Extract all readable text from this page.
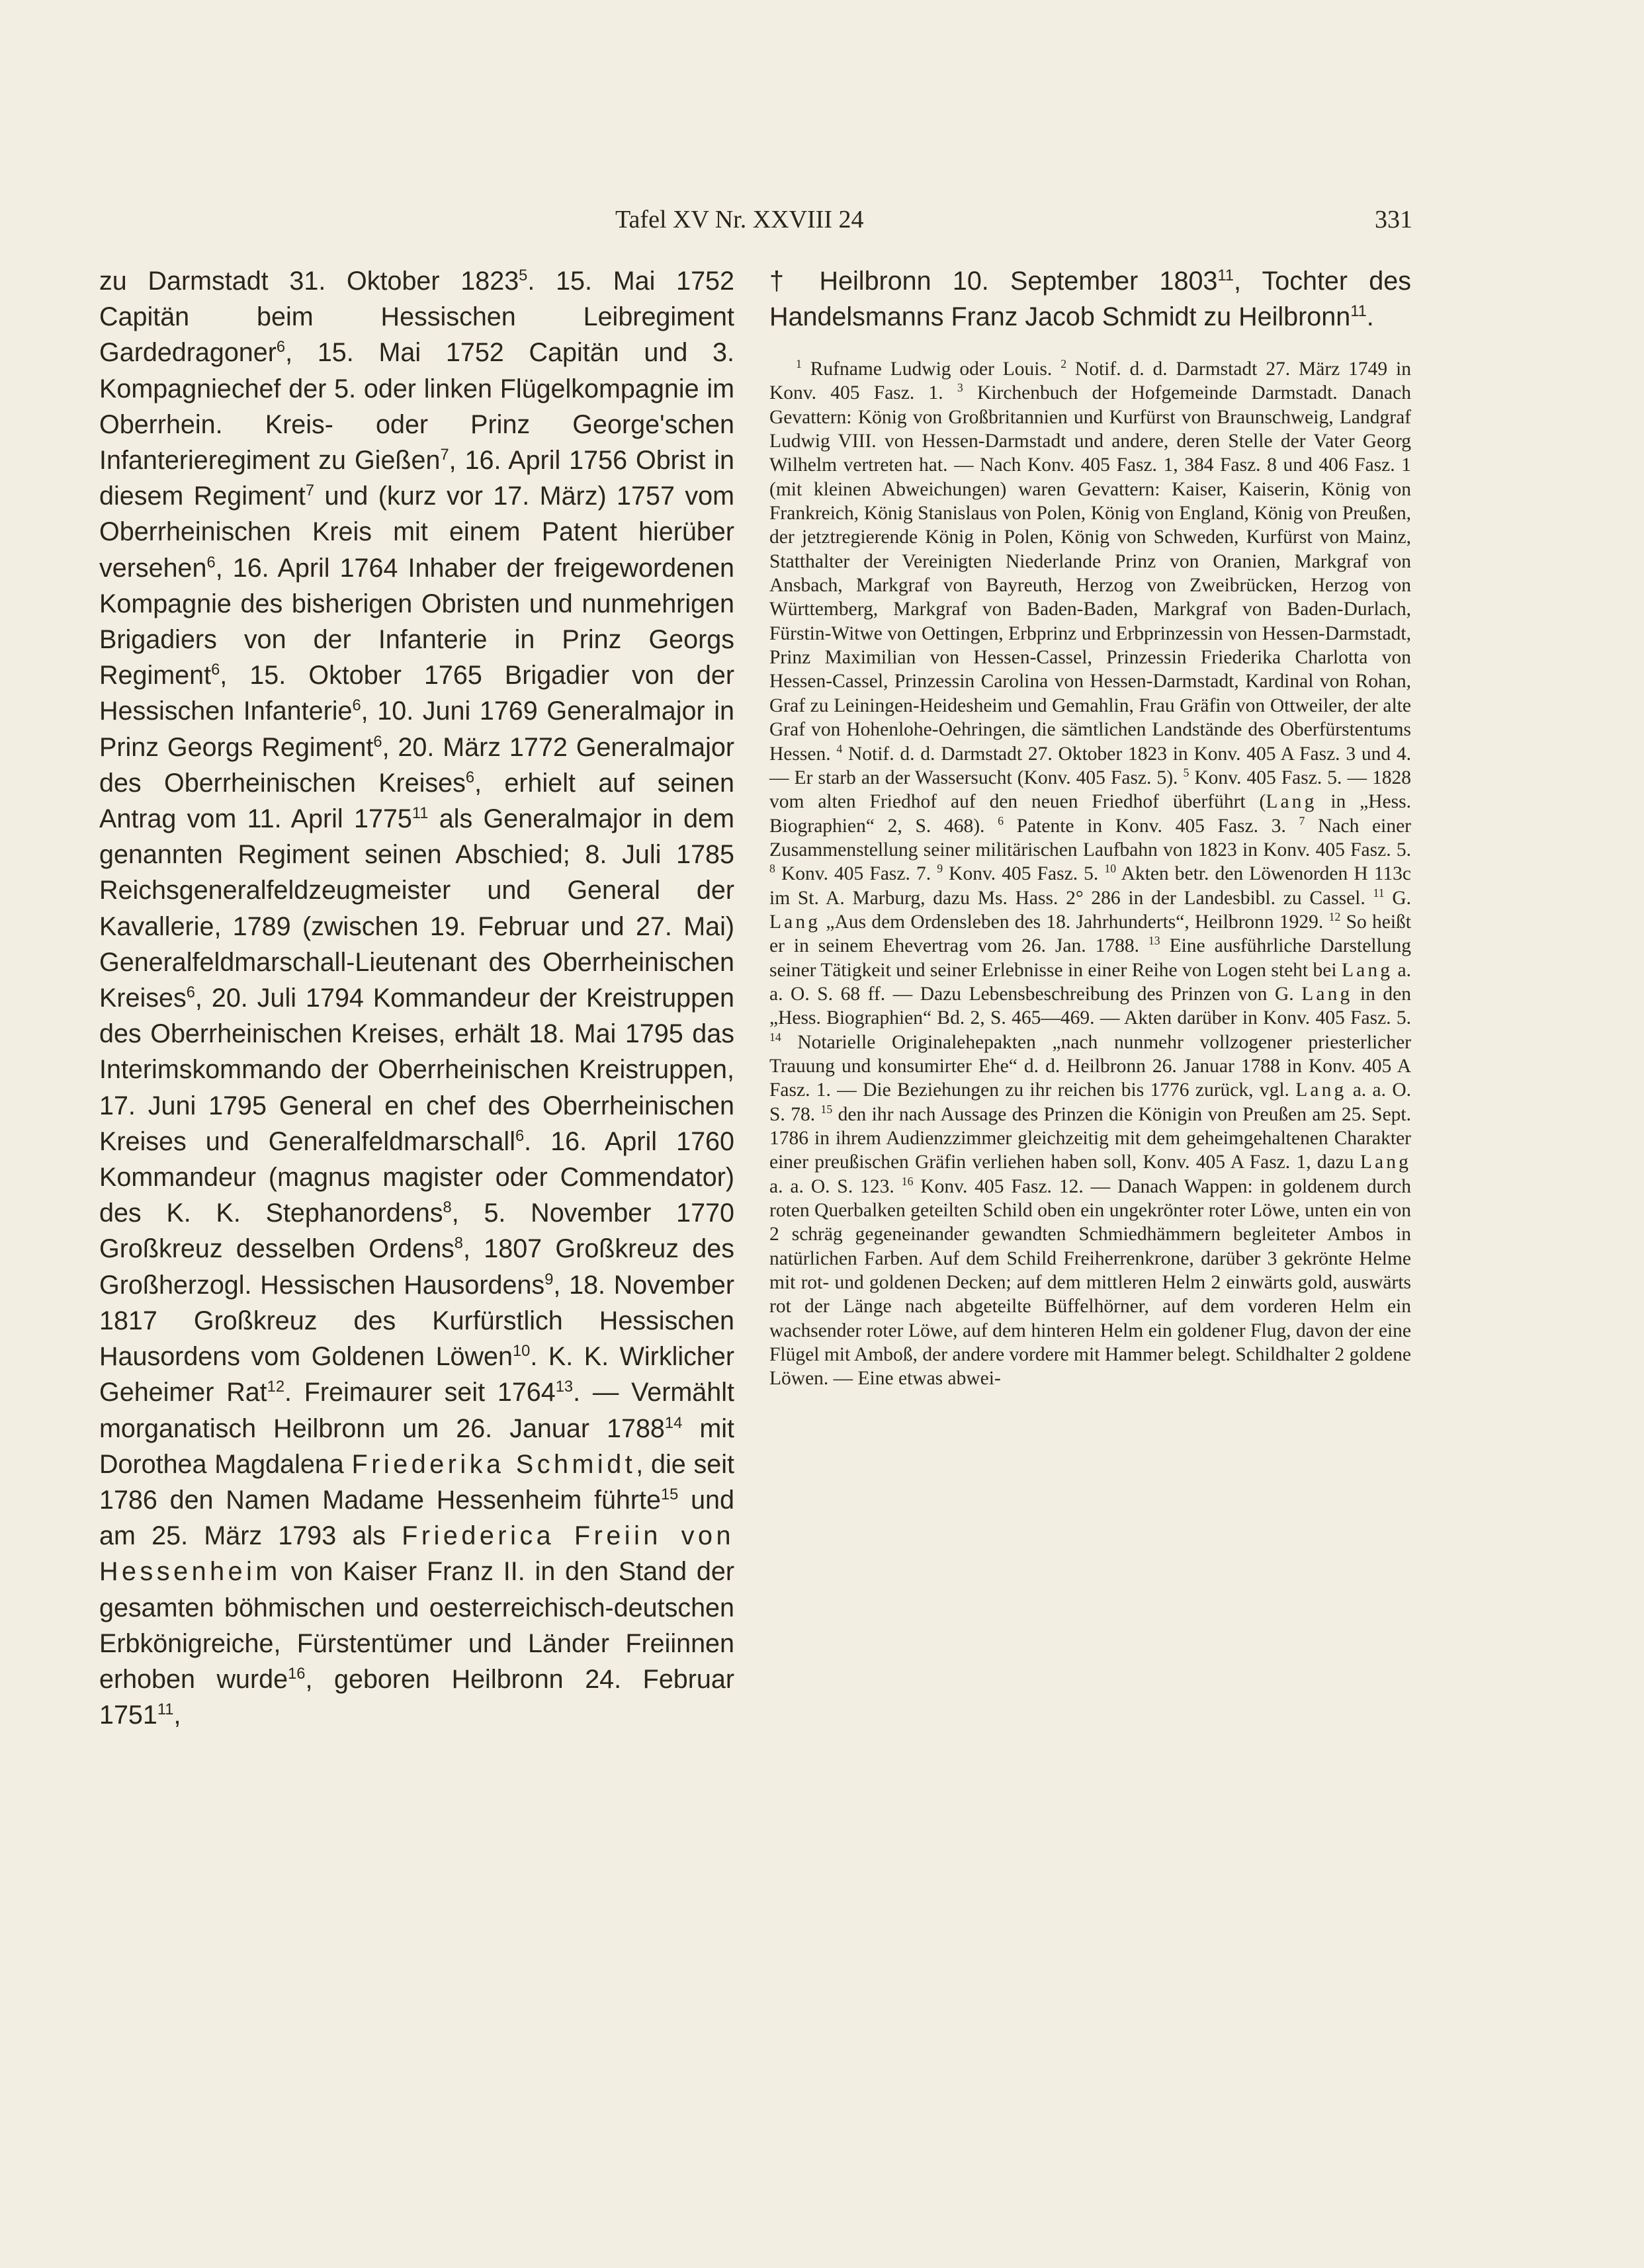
Tafel XV Nr. XXVIII 24	331

zu Darmstadt 31. Oktober 1823$^5$. 15. Mai 1752 Capitän beim Hessischen Leibregiment Gardedragoner$^6$, 15. Mai 1752 Capitän und 3. Kompagniechef der 5. oder linken Flügelkompagnie im Oberrhein. Kreis- oder Prinz George'schen Infanterieregiment zu Gießen$^7$, 16. April 1756 Obrist in diesem Regiment$^7$ und (kurz vor 17. März) 1757 vom Oberrheinischen Kreis mit einem Patent hierüber versehen$^6$, 16. April 1764 Inhaber der freigewordenen Kompagnie des bisherigen Obristen und nunmehrigen Brigadiers von der Infanterie in Prinz Georgs Regiment$^6$, 15. Oktober 1765 Brigadier von der Hessischen Infanterie$^6$, 10. Juni 1769 Generalmajor in Prinz Georgs Regiment$^6$, 20. März 1772 Generalmajor des Oberrheinischen Kreises$^6$, erhielt auf seinen Antrag vom 11. April 1775$^{11}$ als Generalmajor in dem genannten Regiment seinen Abschied; 8. Juli 1785 Reichsgeneralfeldzeugmeister und General der Kavallerie, 1789 (zwischen 19. Februar und 27. Mai) Generalfeldmarschall-Lieutenant des Oberrheinischen Kreises$^6$, 20. Juli 1794 Kommandeur der Kreistruppen des Oberrheinischen Kreises, erhält 18. Mai 1795 das Interimskommando der Oberrheinischen Kreistruppen, 17. Juni 1795 General en chef des Oberrheinischen Kreises und Generalfeldmarschall$^6$. 16. April 1760 Kommandeur (magnus magister oder Commendator) des K. K. Stephanordens$^8$, 5. November 1770 Großkreuz desselben Ordens$^8$, 1807 Großkreuz des Großherzogl. Hessischen Hausordens$^9$, 18. November 1817 Großkreuz des Kurfürstlich Hessischen Hausordens vom Goldenen Löwen$^{10}$. K. K. Wirklicher Geheimer Rat$^{12}$. Freimaurer seit 1764$^{13}$. — Vermählt morganatisch Heilbronn um 26. Januar 1788$^{14}$ mit Dorothea Magdalena Friederika Schmidt, die seit 1786 den Namen Madame Hessenheim führte$^{15}$ und am 25. März 1793 als Friederica Freiin von Hessenheim von Kaiser Franz II. in den Stand der gesamten böhmischen und oesterreichisch-deutschen Erbkönigreiche, Fürstentümer und Länder Freiinnen erhoben wurde$^{16}$, geboren Heilbronn 24. Februar 1751$^{11}$,

† Heilbronn 10. September 1803$^{11}$, Tochter des Handelsmanns Franz Jacob Schmidt zu Heilbronn$^{11}$.

$^1$ Rufname Ludwig oder Louis. $^2$ Notif. d. d. Darmstadt 27. März 1749 in Konv. 405 Fasz. 1. $^3$ Kirchenbuch der Hofgemeinde Darmstadt. Danach Gevattern: König von Großbritannien und Kurfürst von Braunschweig, Landgraf Ludwig VIII. von Hessen-Darmstadt und andere, deren Stelle der Vater Georg Wilhelm vertreten hat. — Nach Konv. 405 Fasz. 1, 384 Fasz. 8 und 406 Fasz. 1 (mit kleinen Abweichungen) waren Gevattern: Kaiser, Kaiserin, König von Frankreich, König Stanislaus von Polen, König von England, König von Preußen, der jetztregierende König in Polen, König von Schweden, Kurfürst von Mainz, Statthalter der Vereinigten Niederlande Prinz von Oranien, Markgraf von Ansbach, Markgraf von Bayreuth, Herzog von Zweibrücken, Herzog von Württemberg, Markgraf von Baden-Baden, Markgraf von Baden-Durlach, Fürstin-Witwe von Oettingen, Erbprinz und Erbprinzessin von Hessen-Darmstadt, Prinz Maximilian von Hessen-Cassel, Prinzessin Friederika Charlotta von Hessen-Cassel, Prinzessin Carolina von Hessen-Darmstadt, Kardinal von Rohan, Graf zu Leiningen-Heidesheim und Gemahlin, Frau Gräfin von Ottweiler, der alte Graf von Hohenlohe-Oehringen, die sämtlichen Landstände des Oberfürstentums Hessen. $^4$ Notif. d. d. Darmstadt 27. Oktober 1823 in Konv. 405 A Fasz. 3 und 4. — Er starb an der Wassersucht (Konv. 405 Fasz. 5). $^5$ Konv. 405 Fasz. 5. — 1828 vom alten Friedhof auf den neuen Friedhof überführt (Lang in „Hess. Biographien“ 2, S. 468). $^6$ Patente in Konv. 405 Fasz. 3. $^7$ Nach einer Zusammenstellung seiner militärischen Laufbahn von 1823 in Konv. 405 Fasz. 5. $^8$ Konv. 405 Fasz. 7. $^9$ Konv. 405 Fasz. 5. $^{10}$ Akten betr. den Löwenorden H 113c im St. A. Marburg, dazu Ms. Hass. 2° 286 in der Landesbibl. zu Cassel. $^{11}$ G. Lang „Aus dem Ordensleben des 18. Jahrhunderts“, Heilbronn 1929. $^{12}$ So heißt er in seinem Ehevertrag vom 26. Jan. 1788. $^{13}$ Eine ausführliche Darstellung seiner Tätigkeit und seiner Erlebnisse in einer Reihe von Logen steht bei Lang a. a. O. S. 68 ff. — Dazu Lebensbeschreibung des Prinzen von G. Lang in den „Hess. Biographien“ Bd. 2, S. 465—469. — Akten darüber in Konv. 405 Fasz. 5. $^{14}$ Notarielle Originalehepakten „nach nunmehr vollzogener priesterlicher Trauung und konsumirter Ehe“ d. d. Heilbronn 26. Januar 1788 in Konv. 405 A Fasz. 1. — Die Beziehungen zu ihr reichen bis 1776 zurück, vgl. Lang a. a. O. S. 78. $^{15}$ den ihr nach Aussage des Prinzen die Königin von Preußen am 25. Sept. 1786 in ihrem Audienzzimmer gleichzeitig mit dem geheimgehaltenen Charakter einer preußischen Gräfin verliehen haben soll, Konv. 405 A Fasz. 1, dazu Lang a. a. O. S. 123. $^{16}$ Konv. 405 Fasz. 12. — Danach Wappen: in goldenem durch roten Querbalken geteilten Schild oben ein ungekrönter roter Löwe, unten ein von 2 schräg gegeneinander gewandten Schmiedhämmern begleiteter Ambos in natürlichen Farben. Auf dem Schild Freiherrenkrone, darüber 3 gekrönte Helme mit rot- und goldenen Decken; auf dem mittleren Helm 2 einwärts gold, auswärts rot der Länge nach abgeteilte Büffelhörner, auf dem vorderen Helm ein wachsender roter Löwe, auf dem hinteren Helm ein goldener Flug, davon der eine Flügel mit Amboß, der andere vordere mit Hammer belegt. Schildhalter 2 goldene Löwen. — Eine etwas abwei-
